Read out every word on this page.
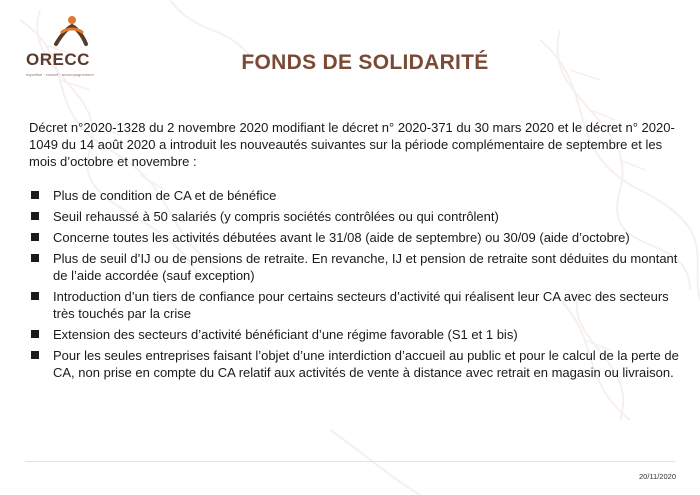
ORECC
expertise · conseil · accompagnement
FONDS DE SOLIDARITÉ
Décret n°2020-1328 du 2 novembre 2020 modifiant le décret n° 2020-371 du 30 mars 2020 et le décret n° 2020-1049 du 14 août 2020 a introduit les nouveautés suivantes sur la période complémentaire de septembre et les mois d’octobre et novembre :
Plus de condition de CA et de bénéfice
Seuil rehaussé à 50 salariés (y compris sociétés contrôlées ou qui contrôlent)
Concerne toutes les activités débutées avant le 31/08 (aide de septembre) ou 30/09 (aide d’octobre)
Plus de seuil d’IJ ou de pensions de retraite. En revanche, IJ et pension de retraite sont déduites du montant de l’aide accordée (sauf exception)
Introduction d’un tiers de confiance pour certains secteurs d’activité qui réalisent leur CA avec des secteurs très touchés par la crise
Extension des secteurs d’activité bénéficiant d’une régime favorable (S1 et 1 bis)
Pour les seules entreprises faisant l’objet d’une interdiction d’accueil au public et pour le calcul de la perte de CA, non prise en compte du CA relatif aux activités de vente à distance avec retrait en magasin ou livraison.
20/11/2020
